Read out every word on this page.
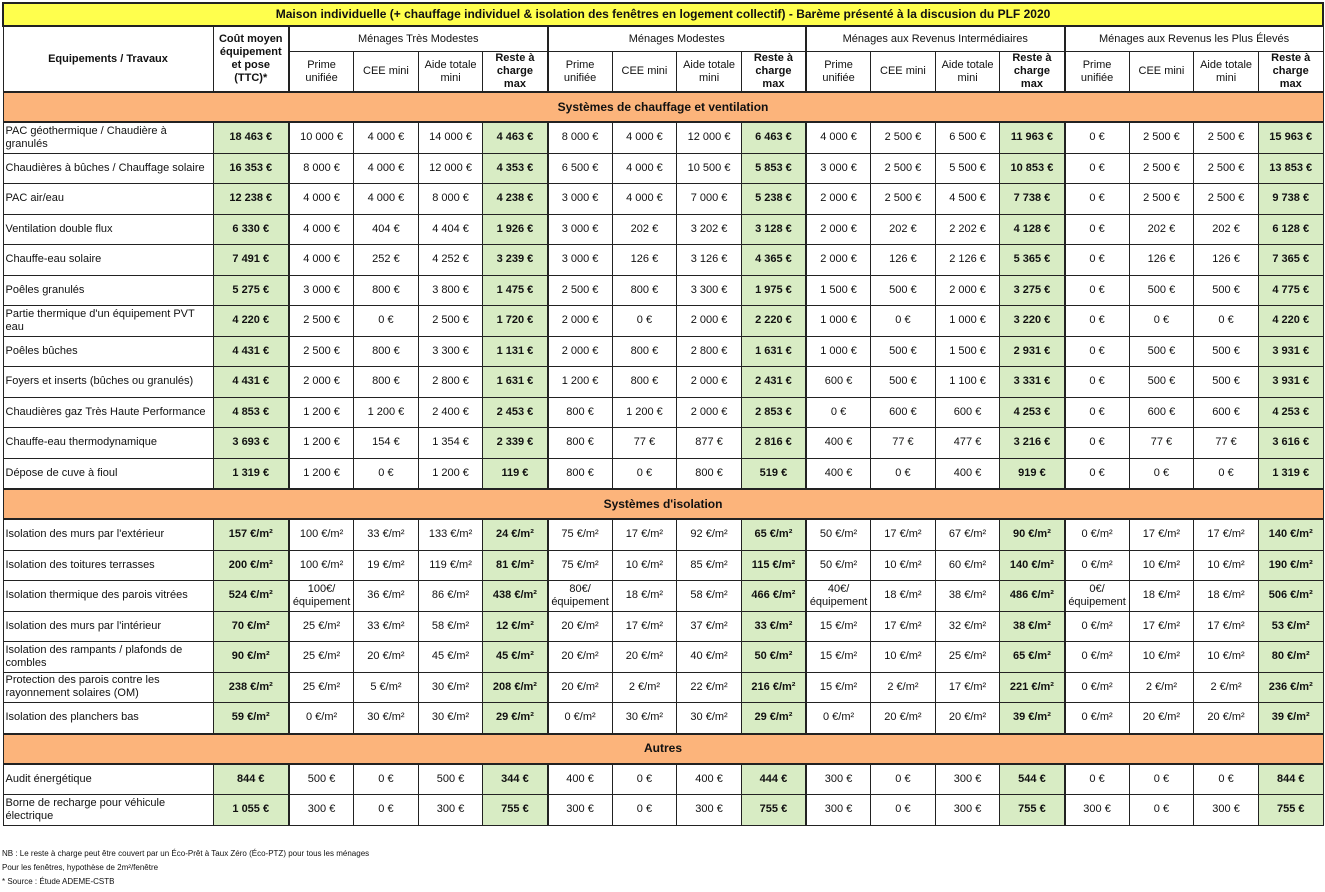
Maison individuelle (+ chauffage individuel & isolation des fenêtres en logement collectif) - Barème présenté à la discusion du PLF 2020																	
Equipements / Travaux	Coût moyen équipement et pose (TTC)*	Ménages Très Modestes				Ménages Modestes				Ménages aux Revenus Intermédiaires				Ménages aux Revenus les Plus Élevés			
		Prime unifiée	CEE mini	Aide totale mini	Reste à charge max	Prime unifiée	CEE mini	Aide totale mini	Reste à charge max	Prime unifiée	CEE mini	Aide totale mini	Reste à charge max	Prime unifiée	CEE mini	Aide totale mini	Reste à charge max
Systèmes de chauffage et ventilation																	
PAC géothermique / Chaudière à granulés	18 463 €	10 000 €	4 000 €	14 000 €	4 463 €	8 000 €	4 000 €	12 000 €	6 463 €	4 000 €	2 500 €	6 500 €	11 963 €	0 €	2 500 €	2 500 €	15 963 €
Chaudières à bûches / Chauffage solaire	16 353 €	8 000 €	4 000 €	12 000 €	4 353 €	6 500 €	4 000 €	10 500 €	5 853 €	3 000 €	2 500 €	5 500 €	10 853 €	0 €	2 500 €	2 500 €	13 853 €
PAC air/eau	12 238 €	4 000 €	4 000 €	8 000 €	4 238 €	3 000 €	4 000 €	7 000 €	5 238 €	2 000 €	2 500 €	4 500 €	7 738 €	0 €	2 500 €	2 500 €	9 738 €
Ventilation double flux	6 330 €	4 000 €	404 €	4 404 €	1 926 €	3 000 €	202 €	3 202 €	3 128 €	2 000 €	202 €	2 202 €	4 128 €	0 €	202 €	202 €	6 128 €
Chauffe-eau solaire	7 491 €	4 000 €	252 €	4 252 €	3 239 €	3 000 €	126 €	3 126 €	4 365 €	2 000 €	126 €	2 126 €	5 365 €	0 €	126 €	126 €	7 365 €
Poêles granulés	5 275 €	3 000 €	800 €	3 800 €	1 475 €	2 500 €	800 €	3 300 €	1 975 €	1 500 €	500 €	2 000 €	3 275 €	0 €	500 €	500 €	4 775 €
Partie thermique d'un équipement PVT eau	4 220 €	2 500 €	0 €	2 500 €	1 720 €	2 000 €	0 €	2 000 €	2 220 €	1 000 €	0 €	1 000 €	3 220 €	0 €	0 €	0 €	4 220 €
Poêles bûches	4 431 €	2 500 €	800 €	3 300 €	1 131 €	2 000 €	800 €	2 800 €	1 631 €	1 000 €	500 €	1 500 €	2 931 €	0 €	500 €	500 €	3 931 €
Foyers et inserts (bûches ou granulés)	4 431 €	2 000 €	800 €	2 800 €	1 631 €	1 200 €	800 €	2 000 €	2 431 €	600 €	500 €	1 100 €	3 331 €	0 €	500 €	500 €	3 931 €
Chaudières gaz Très Haute Performance	4 853 €	1 200 €	1 200 €	2 400 €	2 453 €	800 €	1 200 €	2 000 €	2 853 €	0 €	600 €	600 €	4 253 €	0 €	600 €	600 €	4 253 €
Chauffe-eau thermodynamique	3 693 €	1 200 €	154 €	1 354 €	2 339 €	800 €	77 €	877 €	2 816 €	400 €	77 €	477 €	3 216 €	0 €	77 €	77 €	3 616 €
Dépose de cuve à fioul	1 319 €	1 200 €	0 €	1 200 €	119 €	800 €	0 €	800 €	519 €	400 €	0 €	400 €	919 €	0 €	0 €	0 €	1 319 €
Systèmes d'isolation																	
Isolation des murs par l'extérieur	157 €/m²	100 €/m²	33 €/m²	133 €/m²	24 €/m²	75 €/m²	17 €/m²	92 €/m²	65 €/m²	50 €/m²	17 €/m²	67 €/m²	90 €/m²	0 €/m²	17 €/m²	17 €/m²	140 €/m²
Isolation des toitures terrasses	200 €/m²	100 €/m²	19 €/m²	119 €/m²	81 €/m²	75 €/m²	10 €/m²	85 €/m²	115 €/m²	50 €/m²	10 €/m²	60 €/m²	140 €/m²	0 €/m²	10 €/m²	10 €/m²	190 €/m²
Isolation thermique des parois vitrées	524 €/m²	100€/équipement	36 €/m²	86 €/m²	438 €/m²	80€/équipement	18 €/m²	58 €/m²	466 €/m²	40€/équipement	18 €/m²	38 €/m²	486 €/m²	0€/équipement	18 €/m²	18 €/m²	506 €/m²
Isolation des murs par l'intérieur	70 €/m²	25 €/m²	33 €/m²	58 €/m²	12 €/m²	20 €/m²	17 €/m²	37 €/m²	33 €/m²	15 €/m²	17 €/m²	32 €/m²	38 €/m²	0 €/m²	17 €/m²	17 €/m²	53 €/m²
Isolation des rampants / plafonds de combles	90 €/m²	25 €/m²	20 €/m²	45 €/m²	45 €/m²	20 €/m²	20 €/m²	40 €/m²	50 €/m²	15 €/m²	10 €/m²	25 €/m²	65 €/m²	0 €/m²	10 €/m²	10 €/m²	80 €/m²
Protection des parois contre les rayonnement solaires (OM)	238 €/m²	25 €/m²	5 €/m²	30 €/m²	208 €/m²	20 €/m²	2 €/m²	22 €/m²	216 €/m²	15 €/m²	2 €/m²	17 €/m²	221 €/m²	0 €/m²	2 €/m²	2 €/m²	236 €/m²
Isolation des planchers bas	59 €/m²	0 €/m²	30 €/m²	30 €/m²	29 €/m²	0 €/m²	30 €/m²	30 €/m²	29 €/m²	0 €/m²	20 €/m²	20 €/m²	39 €/m²	0 €/m²	20 €/m²	20 €/m²	39 €/m²
Autres																	
Audit énergétique	844 €	500 €	0 €	500 €	344 €	400 €	0 €	400 €	444 €	300 €	0 €	300 €	544 €	0 €	0 €	0 €	844 €
Borne de recharge pour véhicule électrique	1 055 €	300 €	0 €	300 €	755 €	300 €	0 €	300 €	755 €	300 €	0 €	300 €	755 €	300 €	0 €	300 €	755 €
NB : Le reste à charge peut être couvert par un Éco-Prêt à Taux Zéro (Éco-PTZ) pour tous les ménages
Pour les fenêtres, hypothèse de 2m²/fenêtre
* Source : Étude ADEME-CSTB
